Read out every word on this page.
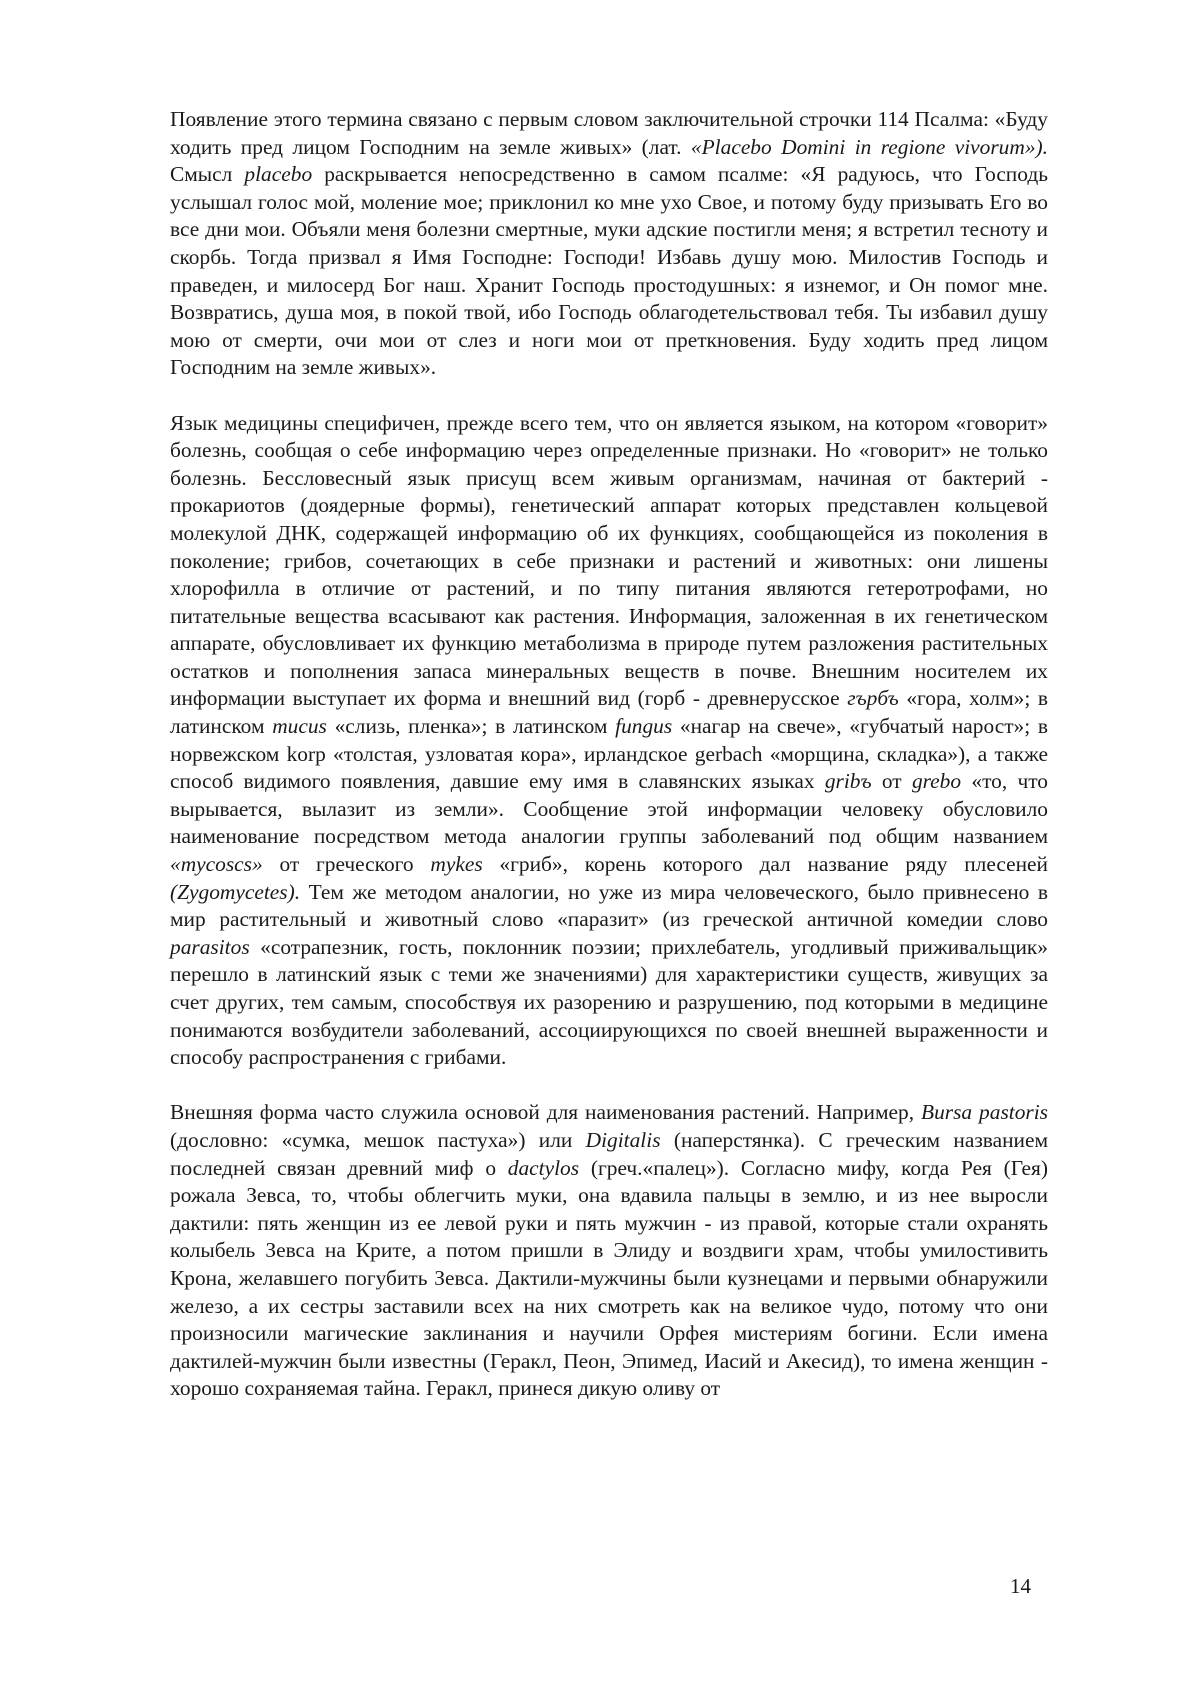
Появление этого термина связано с первым словом заключительной строчки 114 Псалма: «Буду ходить пред лицом Господним на земле живых» (лат. «Placebo Domini in regione vivorum»). Смысл placebo раскрывается непосредственно в самом псалме: «Я радуюсь, что Господь услышал голос мой, моление мое; приклонил ко мне ухо Свое, и потому буду призывать Его во все дни мои. Объяли меня болезни смертные, муки адские постигли меня; я встретил тесноту и скорбь. Тогда призвал я Имя Господне: Господи! Избавь душу мою. Милостив Господь и праведен, и милосерд Бог наш. Хранит Господь простодушных: я изнемог, и Он помог мне. Возвратись, душа моя, в покой твой, ибо Господь облагодетельствовал тебя. Ты избавил душу мою от смерти, очи мои от слез и ноги мои от преткновения. Буду ходить пред лицом Господним на земле живых».

Язык медицины специфичен, прежде всего тем, что он является языком, на котором «говорит» болезнь, сообщая о себе информацию через определенные признаки. Но «говорит» не только болезнь. Бессловесный язык присущ всем живым организмам, начиная от бактерий - прокариотов (доядерные формы), генетический аппарат которых представлен кольцевой молекулой ДНК, содержащей информацию об их функциях, сообщающейся из поколения в поколение; грибов, сочетающих в себе признаки и растений и животных: они лишены хлорофилла в отличие от растений, и по типу питания являются гетеротрофами, но питательные вещества всасывают как растения. Информация, заложенная в их генетическом аппарате, обусловливает их функцию метаболизма в природе путем разложения растительных остатков и пополнения запаса минеральных веществ в почве. Внешним носителем их информации выступает их форма и внешний вид (горб - древнерусское гърбъ «гора, холм»; в латинском mucus «слизь, пленка»; в латинском fungus «нагар на свече», «губчатый нарост»; в норвежском korp «толстая, узловатая кора», ирландское gerbach «морщина, складка»), а также способ видимого появления, давшие ему имя в славянских языках gribъ от grebo «то, что вырывается, вылазит из земли». Сообщение этой информации человеку обусловило наименование посредством метода аналогии группы заболеваний под общим названием «mycoscs» от греческого mykes «гриб», корень которого дал название ряду плесеней (Zygomycetes). Тем же методом аналогии, но уже из мира человеческого, было привнесено в мир растительный и животный слово «паразит» (из греческой античной комедии слово parasitos «сотрапезник, гость, поклонник поэзии; прихлебатель, угодливый приживальщик» перешло в латинский язык с теми же значениями) для характеристики существ, живущих за счет других, тем самым, способствуя их разорению и разрушению, под которыми в медицине понимаются возбудители заболеваний, ассоциирующихся по своей внешней выраженности и способу распространения с грибами.

Внешняя форма часто служила основой для наименования растений. Например, Bursa pastoris (дословно: «сумка, мешок пастуха») или Digitalis (наперстянка). С греческим названием последней связан древний миф о dactylos (греч.«палец»). Согласно мифу, когда Рея (Гея) рожала Зевса, то, чтобы облегчить муки, она вдавила пальцы в землю, и из нее выросли дактили: пять женщин из ее левой руки и пять мужчин - из правой, которые стали охранять колыбель Зевса на Крите, а потом пришли в Элиду и воздвиги храм, чтобы умилостивить Крона, желавшего погубить Зевса. Дактили-мужчины были кузнецами и первыми обнаружили железо, а их сестры заставили всех на них смотреть как на великое чудо, потому что они произносили магические заклинания и научили Орфея мистериям богини. Если имена дактилей-мужчин были известны (Геракл, Пеон, Эпимед, Иасий и Акесид), то имена женщин - хорошо сохраняемая тайна. Геракл, принеся дикую оливу от

14
